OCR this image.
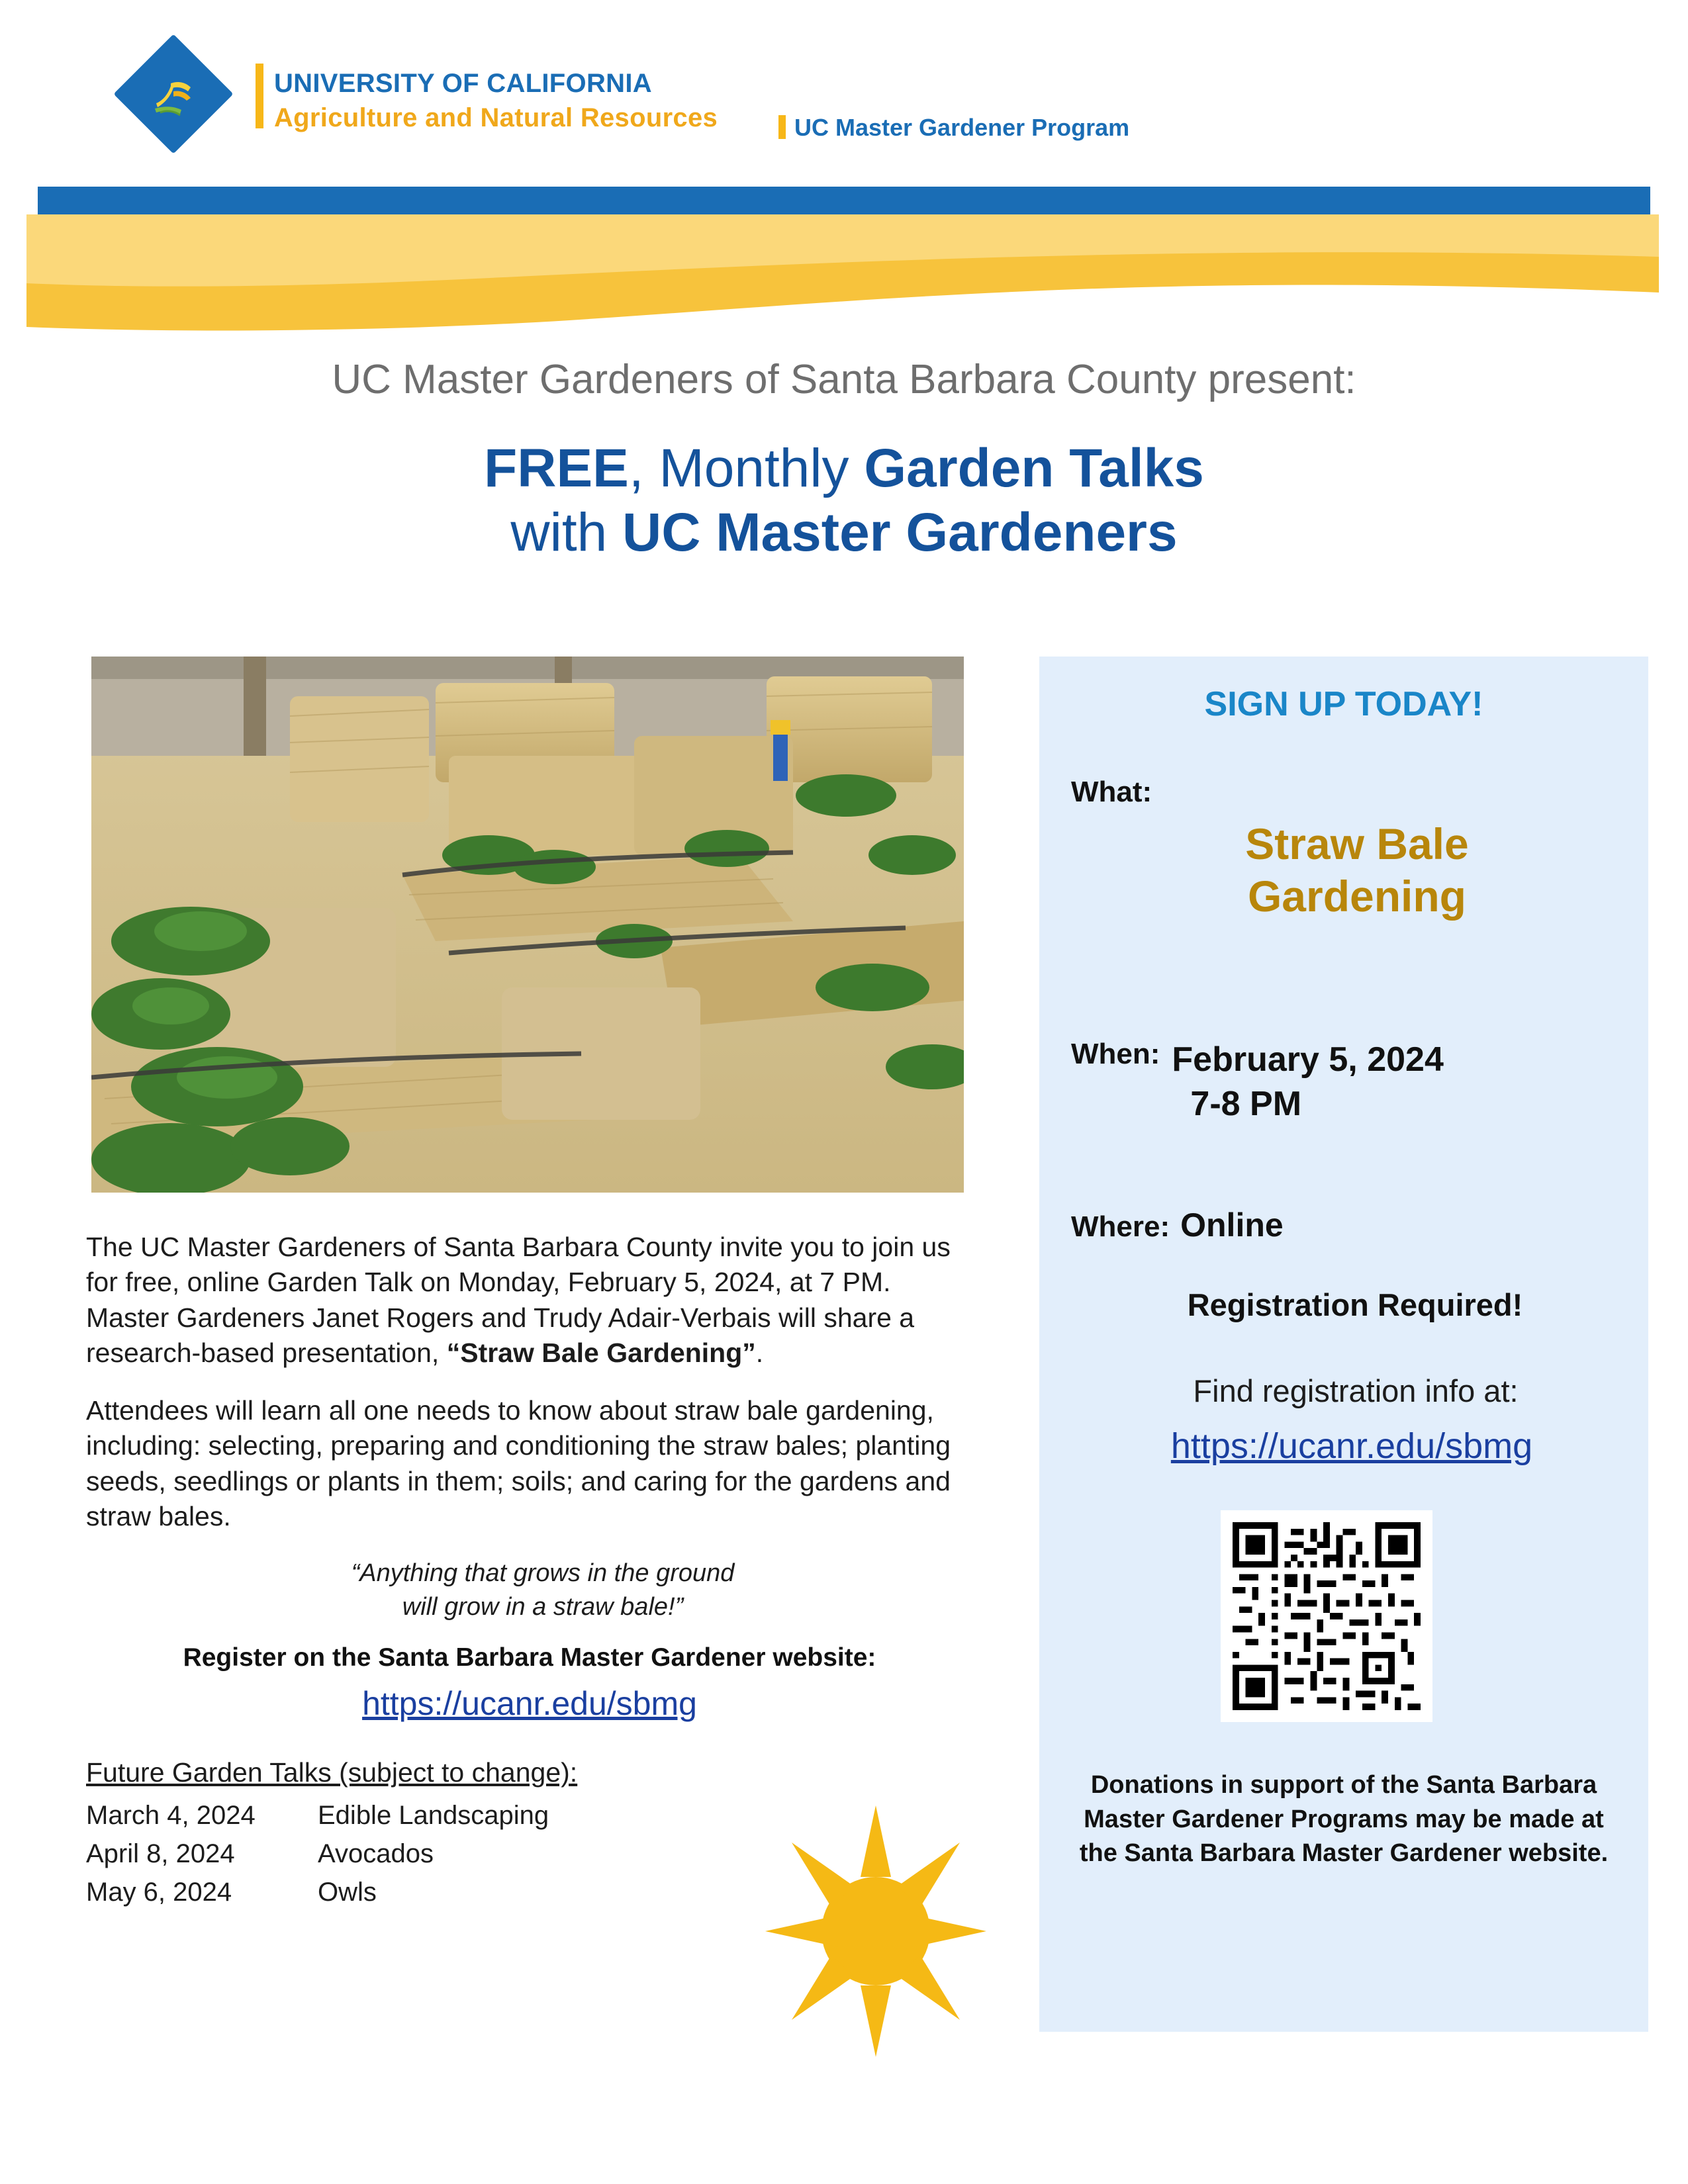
UNIVERSITY OF CALIFORNIA
Agriculture and Natural Resources	UC Master Gardener Program
UC Master Gardeners of Santa Barbara County present:
FREE, Monthly Garden Talks
with UC Master Gardeners

The UC Master Gardeners of Santa Barbara County invite you to join us for free, online Garden Talk on Monday, February 5, 2024, at 7 PM. Master Gardeners Janet Rogers and Trudy Adair-Verbais will share a research-based presentation, “Straw Bale Gardening”.

Attendees will learn all one needs to know about straw bale gardening, including: selecting, preparing and conditioning the straw bales; planting seeds, seedlings or plants in them; soils; and caring for the gardens and straw bales.

“Anything that grows in the ground
will grow in a straw bale!”
Register on the Santa Barbara Master Gardener website:
https://ucanr.edu/sbmg
Future Garden Talks (subject to change):
March 4, 2024	Edible Landscaping
April 8, 2024	Avocados
May 6, 2024	Owls
SIGN UP TODAY!
What:
Straw Bale
Gardening
When: February 5, 2024
7-8 PM
Where: Online
Registration Required!
Find registration info at:
https://ucanr.edu/sbmg
Donations in support of the Santa Barbara Master Gardener Programs may be made at the Santa Barbara Master Gardener website.
